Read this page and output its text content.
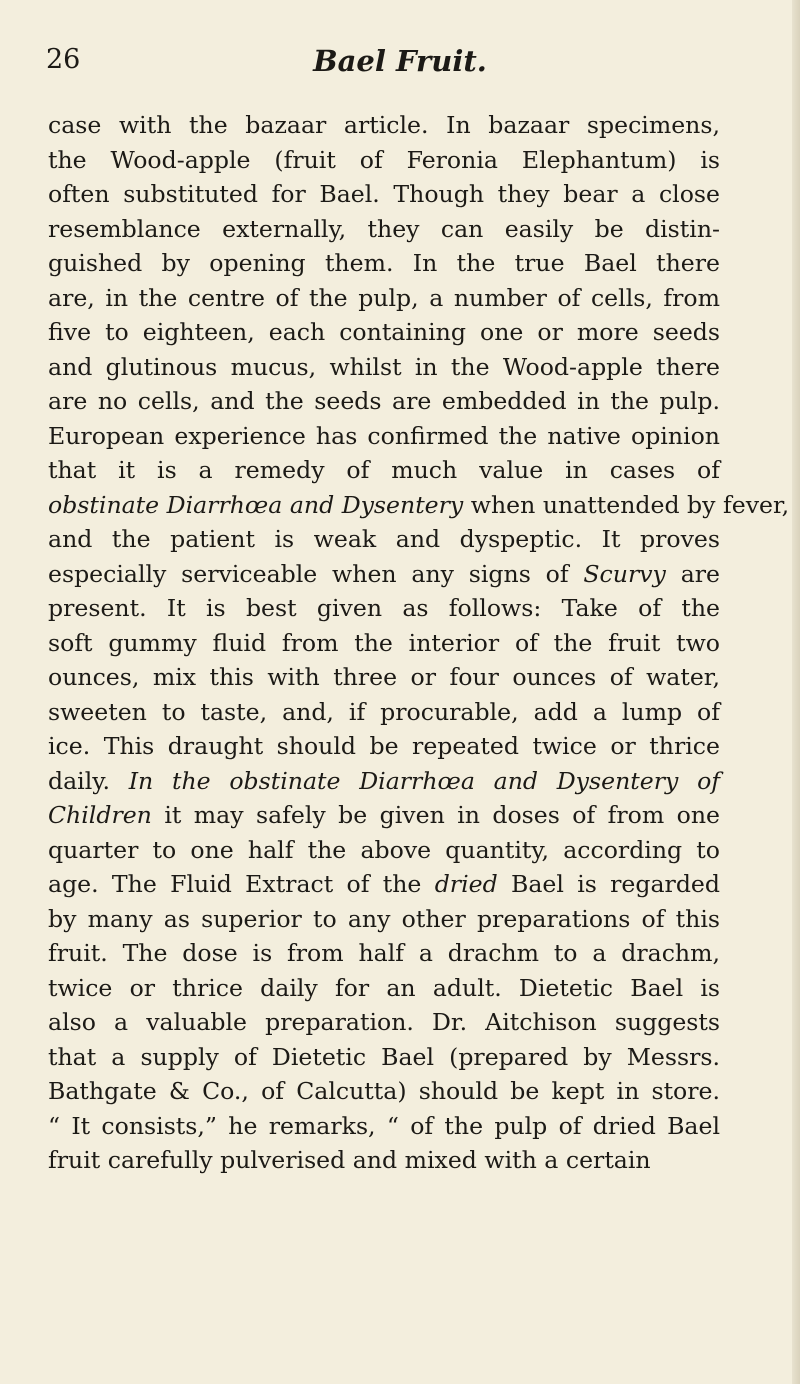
26	Bael Fruit.
case with the bazaar article. In bazaar specimens,
the Wood-apple (fruit of Feronia Elephantum) is
often substituted for Bael. Though they bear a close
resemblance externally, they can easily be distin-
guished by opening them. In the true Bael there
are, in the centre of the pulp, a number of cells, from
five to eighteen, each containing one or more seeds
and glutinous mucus, whilst in the Wood-apple there
are no cells, and the seeds are embedded in the pulp.
European experience has confirmed the native opinion
that it is a remedy of much value in cases of
obstinate Diarrhœa and Dysentery when unattended by fever,
and the patient is weak and dyspeptic. It proves
especially serviceable when any signs of Scurvy are
present. It is best given as follows: Take of the
soft gummy fluid from the interior of the fruit two
ounces, mix this with three or four ounces of water,
sweeten to taste, and, if procurable, add a lump of
ice. This draught should be repeated twice or thrice
daily. In the obstinate Diarrhœa and Dysentery of
Children it may safely be given in doses of from one
quarter to one half the above quantity, according to
age. The Fluid Extract of the dried Bael is regarded
by many as superior to any other preparations of this
fruit. The dose is from half a drachm to a drachm,
twice or thrice daily for an adult. Dietetic Bael is
also a valuable preparation. Dr. Aitchison suggests
that a supply of Dietetic Bael (prepared by Messrs.
Bathgate & Co., of Calcutta) should be kept in store.
“ It consists,” he remarks, “ of the pulp of dried Bael
fruit carefully pulverised and mixed with a certain
